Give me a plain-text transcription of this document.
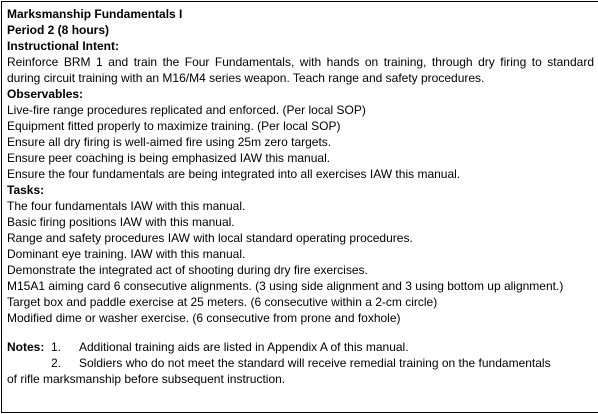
Marksmanship Fundamentals I
Period 2 (8 hours)
Instructional Intent:
Reinforce BRM 1 and train the Four Fundamentals, with hands on training, through dry firing to standard during circuit training with an M16/M4 series weapon. Teach range and safety procedures.
Observables:
Live-fire range procedures replicated and enforced. (Per local SOP)
Equipment fitted properly to maximize training. (Per local SOP)
Ensure all dry firing is well-aimed fire using 25m zero targets.
Ensure peer coaching is being emphasized IAW this manual.
Ensure the four fundamentals are being integrated into all exercises IAW this manual.
Tasks:
The four fundamentals IAW with this manual.
Basic firing positions IAW with this manual.
Range and safety procedures IAW with local standard operating procedures.
Dominant eye training. IAW with this manual.
Demonstrate the integrated act of shooting during dry fire exercises.
M15A1 aiming card 6 consecutive alignments. (3 using side alignment and 3 using bottom up alignment.)
Target box and paddle exercise at 25 meters. (6 consecutive within a 2-cm circle)
Modified dime or washer exercise. (6 consecutive from prone and foxhole)
Notes: 1. Additional training aids are listed in Appendix A of this manual.
2. Soldiers who do not meet the standard will receive remedial training on the fundamentals
of rifle marksmanship before subsequent instruction.
